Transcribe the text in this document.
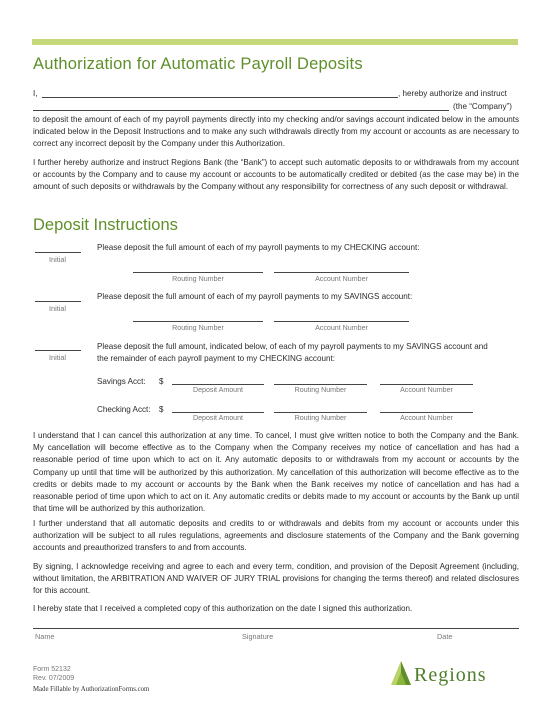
Authorization for Automatic Payroll Deposits
I,	, hereby authorize and instruct
(the “Company”)
to deposit the amount of each of my payroll payments directly into my checking and/or savings account indicated below in the amounts indicated below in the Deposit Instructions and to make any such withdrawals directly from my account or accounts as are necessary to correct any incorrect deposit by the Company under this Authorization.
I further hereby authorize and instruct Regions Bank (the “Bank”) to accept such automatic deposits to or withdrawals from my account or accounts by the Company and to cause my account or accounts to be automatically credited or debited (as the case may be) in the amount of such deposits or withdrawals by the Company without any responsibility for correctness of any such deposit or withdrawal.
Deposit Instructions
Initial
Please deposit the full amount of each of my payroll payments to my CHECKING account:
Routing Number	Account Number
Initial
Please deposit the full amount of each of my payroll payments to my SAVINGS account:
Routing Number	Account Number
Initial
Please deposit the full amount, indicated below, of each of my payroll payments to my SAVINGS account and
the remainder of each payroll payment to my CHECKING account:
Savings Acct: $
Deposit Amount	Routing Number	Account Number
Checking Acct: $
Deposit Amount	Routing Number	Account Number
I understand that I can cancel this authorization at any time. To cancel, I must give written notice to both the Company and the Bank. My cancellation will become effective as to the Company when the Company receives my notice of cancellation and has had a reasonable period of time upon which to act on it. Any automatic deposits to or withdrawals from my account or accounts by the Company up until that time will be authorized by this authorization. My cancellation of this authorization will become effective as to the credits or debits made to my account or accounts by the Bank when the Bank receives my notice of cancellation and has had a reasonable period of time upon which to act on it. Any automatic credits or debits made to my account or accounts by the Bank up until that time will be authorized by this authorization.
I further understand that all automatic deposits and credits to or withdrawals and debits from my account or accounts under this authorization will be subject to all rules regulations, agreements and disclosure statements of the Company and the Bank governing accounts and preauthorized transfers to and from accounts.
By signing, I acknowledge receiving and agree to each and every term, condition, and provision of the Deposit Agreement (including, without limitation, the ARBITRATION AND WAIVER OF JURY TRIAL provisions for changing the terms thereof) and related disclosures for this account.
I hereby state that I received a completed copy of this authorization on the date I signed this authorization.
Name	Signature	Date
Form 52132
Rev. 07/2009
Made Fillable by AuthorizationForms.com
Regions
